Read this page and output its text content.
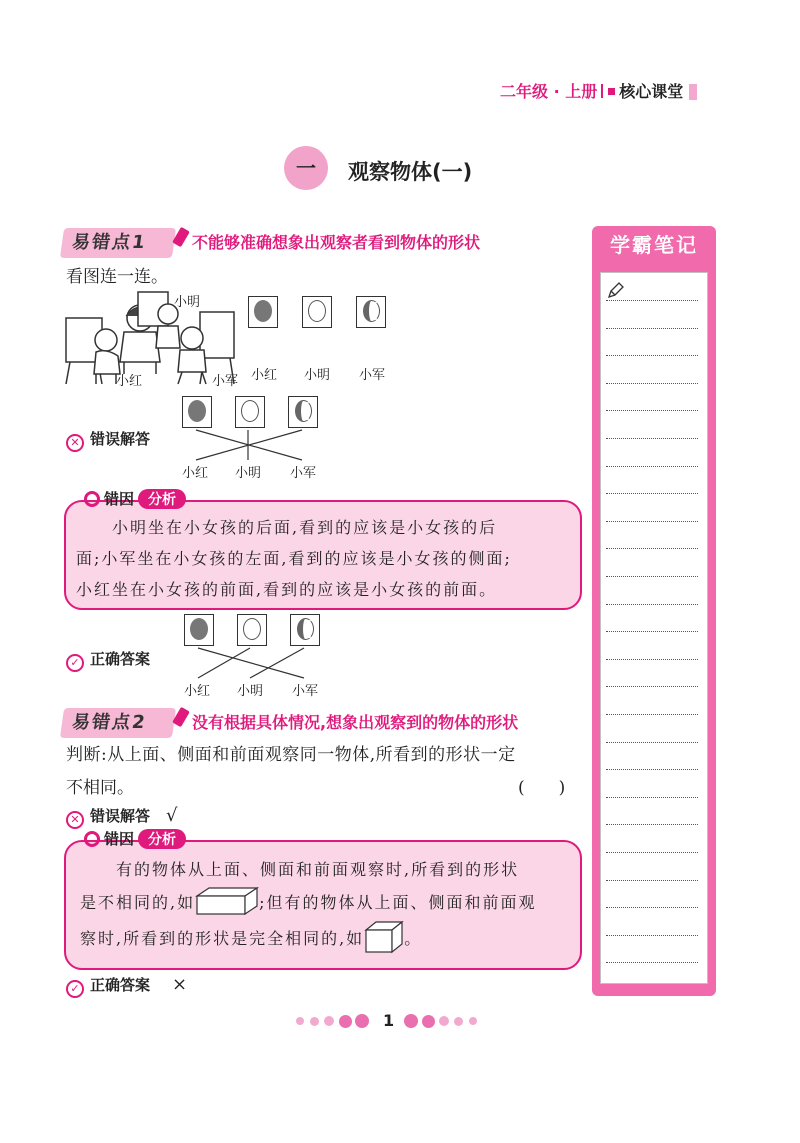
二年级 · 上册 核心课堂
一	观察物体(一)
易错点1	不能够准确想象出观察者看到物体的形状
看图连一连。
小明
小红	小军 小红 小明 小军
✕ 错误解答
小红 小明 小军
错因 分析
小明坐在小女孩的后面,看到的应该是小女孩的后
面;小军坐在小女孩的左面,看到的应该是小女孩的侧面;
小红坐在小女孩的前面,看到的应该是小女孩的前面。
✓ 正确答案
小红 小明 小军
易错点2	没有根据具体情况,想象出观察到的物体的形状
判断:从上面、侧面和前面观察同一物体,所看到的形状一定
不相同。	(　　)
✕ 错误解答 √
错因 分析
有的物体从上面、侧面和前面观察时,所看到的形状
是不相同的,如	;但有的物体从上面、侧面和前面观
察时,所看到的形状是完全相同的,如	。
✓ 正确答案 ×
学霸笔记
1
